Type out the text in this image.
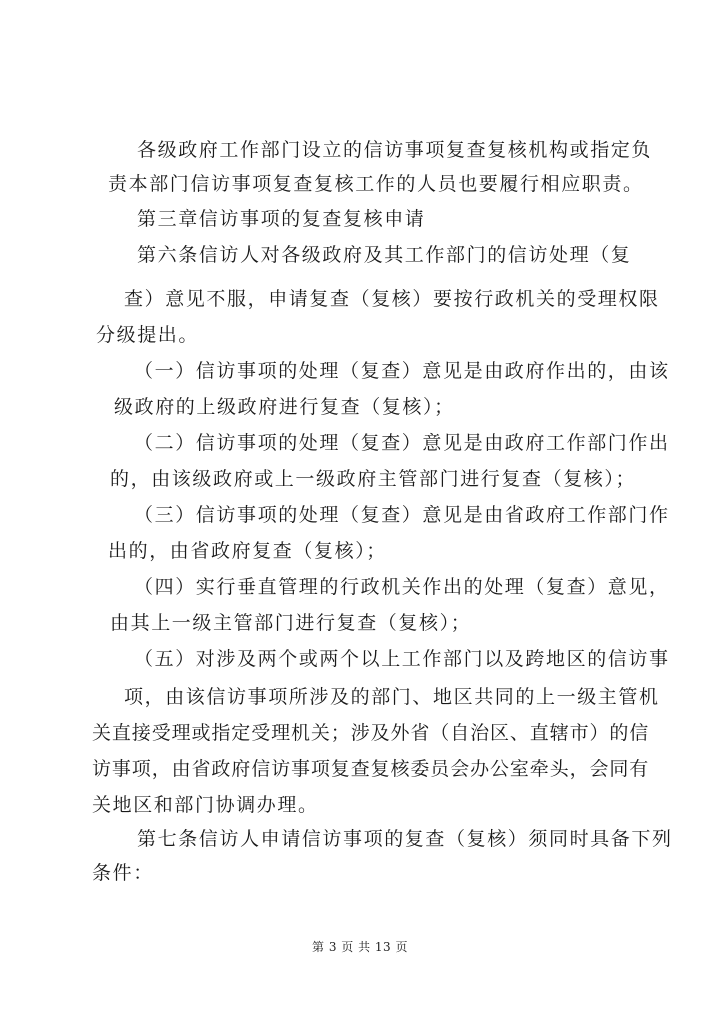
各级政府工作部门设立的信访事项复查复核机构或指定负
责本部门信访事项复查复核工作的人员也要履行相应职责。
第三章信访事项的复查复核申请
第六条信访人对各级政府及其工作部门的信访处理（复
查）意见不服，申请复查（复核）要按行政机关的受理权限
分级提出。
（一）信访事项的处理（复查）意见是由政府作出的，由该
级政府的上级政府进行复查（复核）；
（二）信访事项的处理（复查）意见是由政府工作部门作出
的，由该级政府或上一级政府主管部门进行复查（复核）；
（三）信访事项的处理（复查）意见是由省政府工作部门作
出的，由省政府复查（复核）；
（四）实行垂直管理的行政机关作出的处理（复查）意见，
由其上一级主管部门进行复查（复核）；
（五）对涉及两个或两个以上工作部门以及跨地区的信访事
项，由该信访事项所涉及的部门、地区共同的上一级主管机
关直接受理或指定受理机关；涉及外省（自治区、直辖市）的信
访事项，由省政府信访事项复查复核委员会办公室牵头，会同有
关地区和部门协调办理。
第七条信访人申请信访事项的复查（复核）须同时具备下列
条件：
第 3 页 共 13 页
